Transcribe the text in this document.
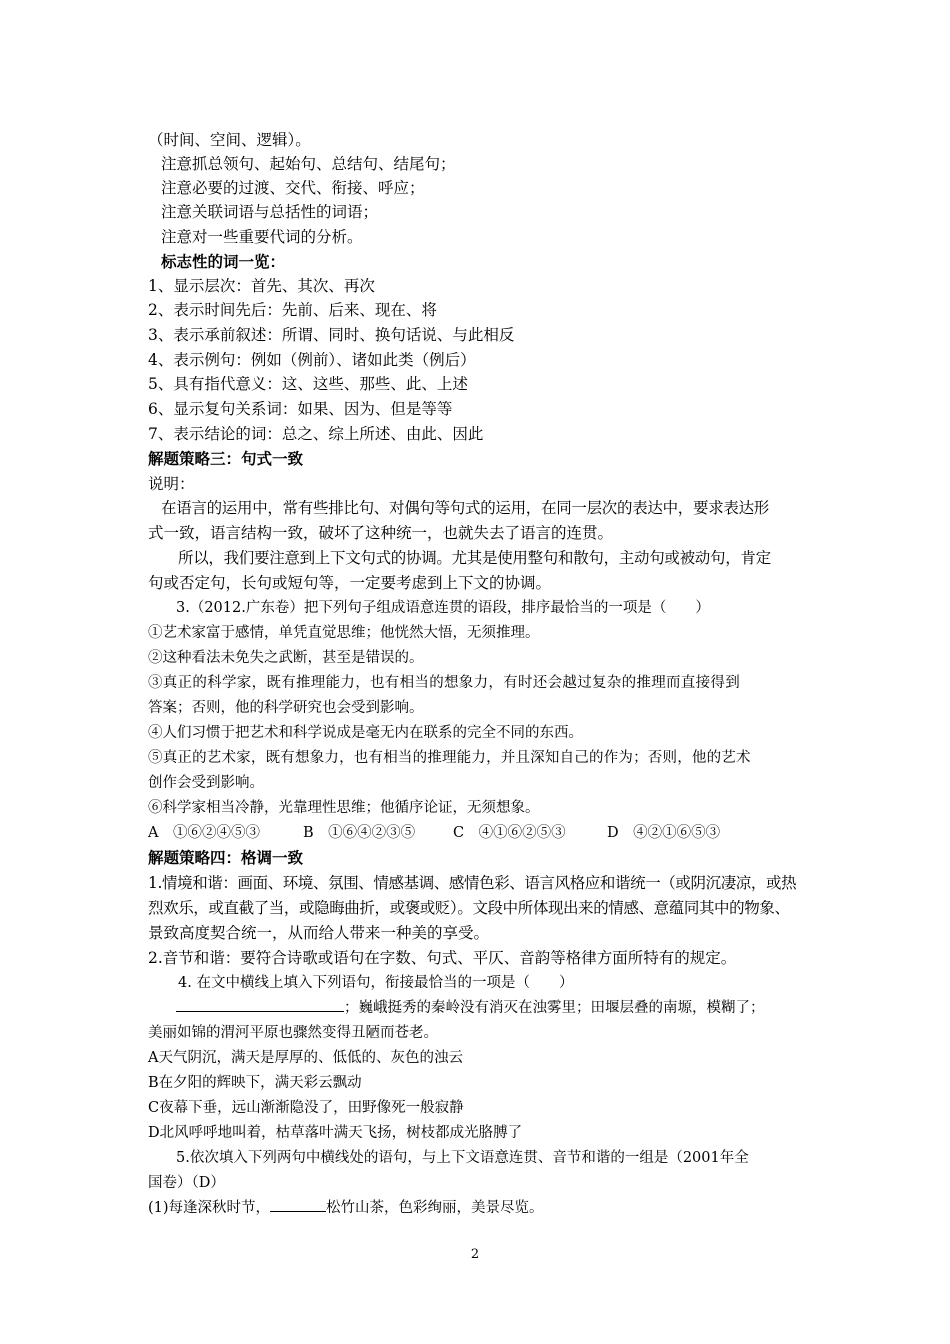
（时间、空间、逻辑）。
注意抓总领句、起始句、总结句、结尾句；
注意必要的过渡、交代、衔接、呼应；
注意关联词语与总括性的词语；
注意对一些重要代词的分析。
标志性的词一览：
1、显示层次：首先、其次、再次
2、表示时间先后：先前、后来、现在、将
3、表示承前叙述：所谓、同时、换句话说、与此相反
4、表示例句：例如（例前）、诸如此类（例后）
5、具有指代意义：这、这些、那些、此、上述
6、显示复句关系词：如果、因为、但是等等
7、表示结论的词：总之、综上所述、由此、因此
解题策略三：句式一致
说明：
在语言的运用中，常有些排比句、对偶句等句式的运用，在同一层次的表达中，要求表达形
式一致，语言结构一致，破坏了这种统一，也就失去了语言的连贯。
所以，我们要注意到上下文句式的协调。尤其是使用整句和散句，主动句或被动句，肯定
句或否定句，长句或短句等，一定要考虑到上下文的协调。
3.（2012.广东卷）把下列句子组成语意连贯的语段，排序最恰当的一项是（　　）
①艺术家富于感情，单凭直觉思维；他恍然大悟，无须推理。
②这种看法未免失之武断，甚至是错误的。
③真正的科学家，既有推理能力，也有相当的想象力，有时还会越过复杂的推理而直接得到
答案；否则，他的科学研究也会受到影响。
④人们习惯于把艺术和科学说成是毫无内在联系的完全不同的东西。
⑤真正的艺术家，既有想象力，也有相当的推理能力，并且深知自己的作为；否则，他的艺术
创作会受到影响。
⑥科学家相当冷静，光靠理性思维；他循序论证，无须想象。
A　①⑥②④⑤③	B　①⑥④②③⑤	C　④①⑥②⑤③	D　④②①⑥⑤③
解题策略四：格调一致
1.情境和谐：画面、环境、氛围、情感基调、感情色彩、语言风格应和谐统一（或阴沉凄凉，或热
烈欢乐，或直截了当，或隐晦曲折，或褒或贬）。文段中所体现出来的情感、意蕴同其中的物象、
景致高度契合统一，从而给人带来一种美的享受。
2.音节和谐：要符合诗歌或语句在字数、句式、平仄、音韵等格律方面所特有的规定。
4. 在文中横线上填入下列语句，衔接最恰当的一项是（　　）
；巍峨挺秀的秦岭没有消灭在浊雾里；田堰层叠的南塬，模糊了；
美丽如锦的渭河平原也骤然变得丑陋而苍老。
A天气阴沉，满天是厚厚的、低低的、灰色的浊云
B在夕阳的辉映下，满天彩云飘动
C夜幕下垂，远山渐渐隐没了，田野像死一般寂静
D北风呼呼地叫着，枯草落叶满天飞扬，树枝都成光胳膊了
5.依次填入下列两句中横线处的语句，与上下文语意连贯、音节和谐的一组是（2001年全
国卷）（D）
(1)每逢深秋时节，	松竹山茶，色彩绚丽，美景尽览。
2
